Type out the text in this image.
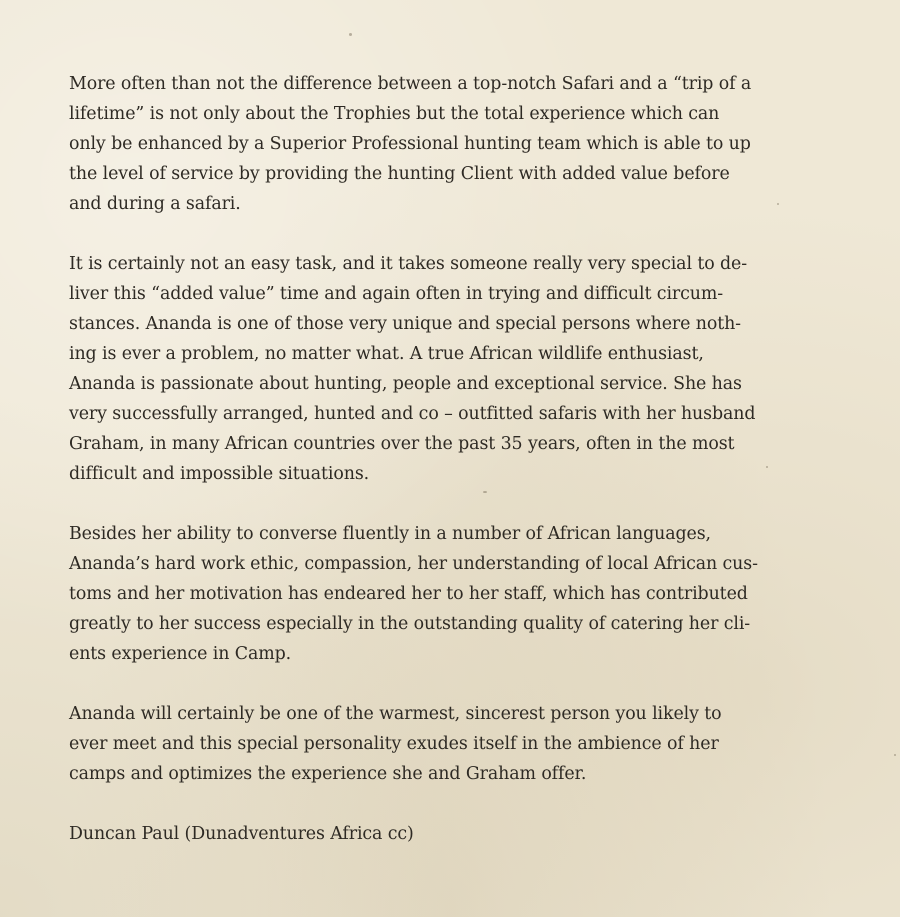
More often than not the difference between a top-notch Safari and a “trip of a
lifetime” is not only about the Trophies but the total experience which can
only be enhanced by a Superior Professional hunting team which is able to up
the level of service by providing the hunting Client with added value before
and during a safari.

It is certainly not an easy task, and it takes someone really very special to de-
liver this “added value” time and again often in trying and difficult circum-
stances. Ananda is one of those very unique and special persons where noth-
ing is ever a problem, no matter what. A true African wildlife enthusiast,
Ananda is passionate about hunting, people and exceptional service. She has
very successfully arranged, hunted and co – outfitted safaris with her husband
Graham, in many African countries over the past 35 years, often in the most
difficult and impossible situations.

Besides her ability to converse fluently in a number of African languages,
Ananda’s hard work ethic, compassion, her understanding of local African cus-
toms and her motivation has endeared her to her staff, which has contributed
greatly to her success especially in the outstanding quality of catering her cli-
ents experience in Camp.

Ananda will certainly be one of the warmest, sincerest person you likely to
ever meet and this special personality exudes itself in the ambience of her
camps and optimizes the experience she and Graham offer.

Duncan Paul (Dunadventures Africa cc)
